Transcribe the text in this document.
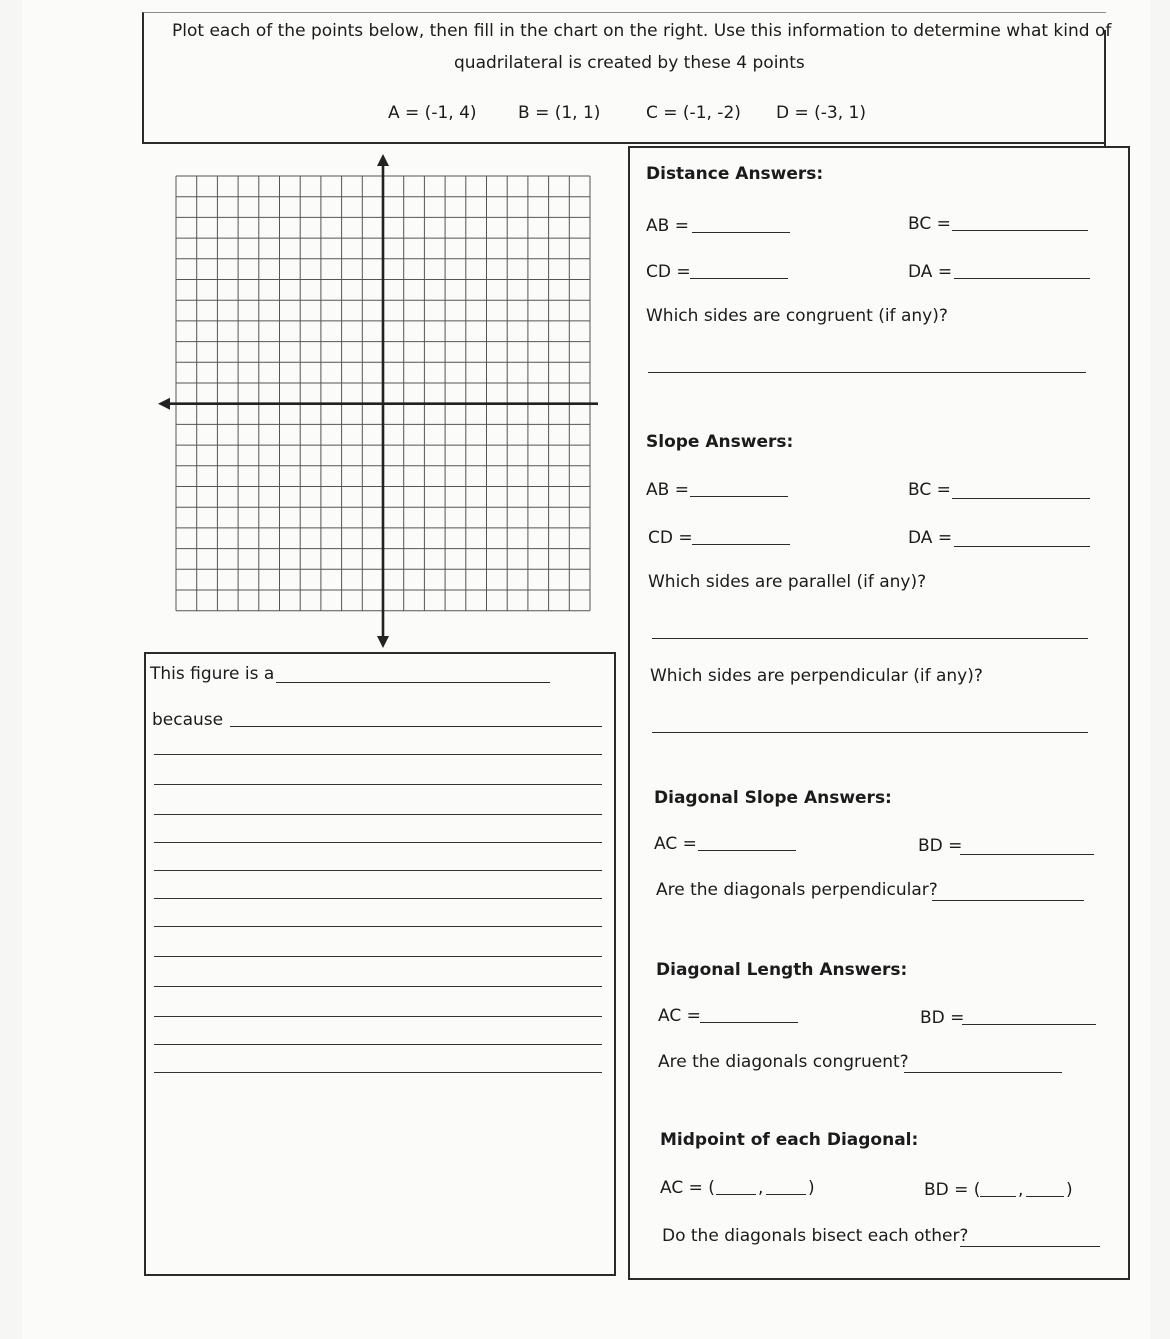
Plot each of the points below, then fill in the chart on the right. Use this information to determine what kind of
quadrilateral is created by these 4 points
A = (-1, 4) B = (1, 1)	C = (-1, -2) D = (-3, 1)
Distance Answers:
AB =	BC =
CD =	DA =
Which sides are congruent (if any)?
Slope Answers:
AB =	BC =
CD =	DA =
Which sides are parallel (if any)?
Which sides are perpendicular (if any)?
Diagonal Slope Answers:
AC =	BD =
Are the diagonals perpendicular?
Diagonal Length Answers:
AC =	BD =
Are the diagonals congruent?
Midpoint of each Diagonal:
AC = (	,	)	BD = ( ,	)
Do the diagonals bisect each other?
This figure is a
because
